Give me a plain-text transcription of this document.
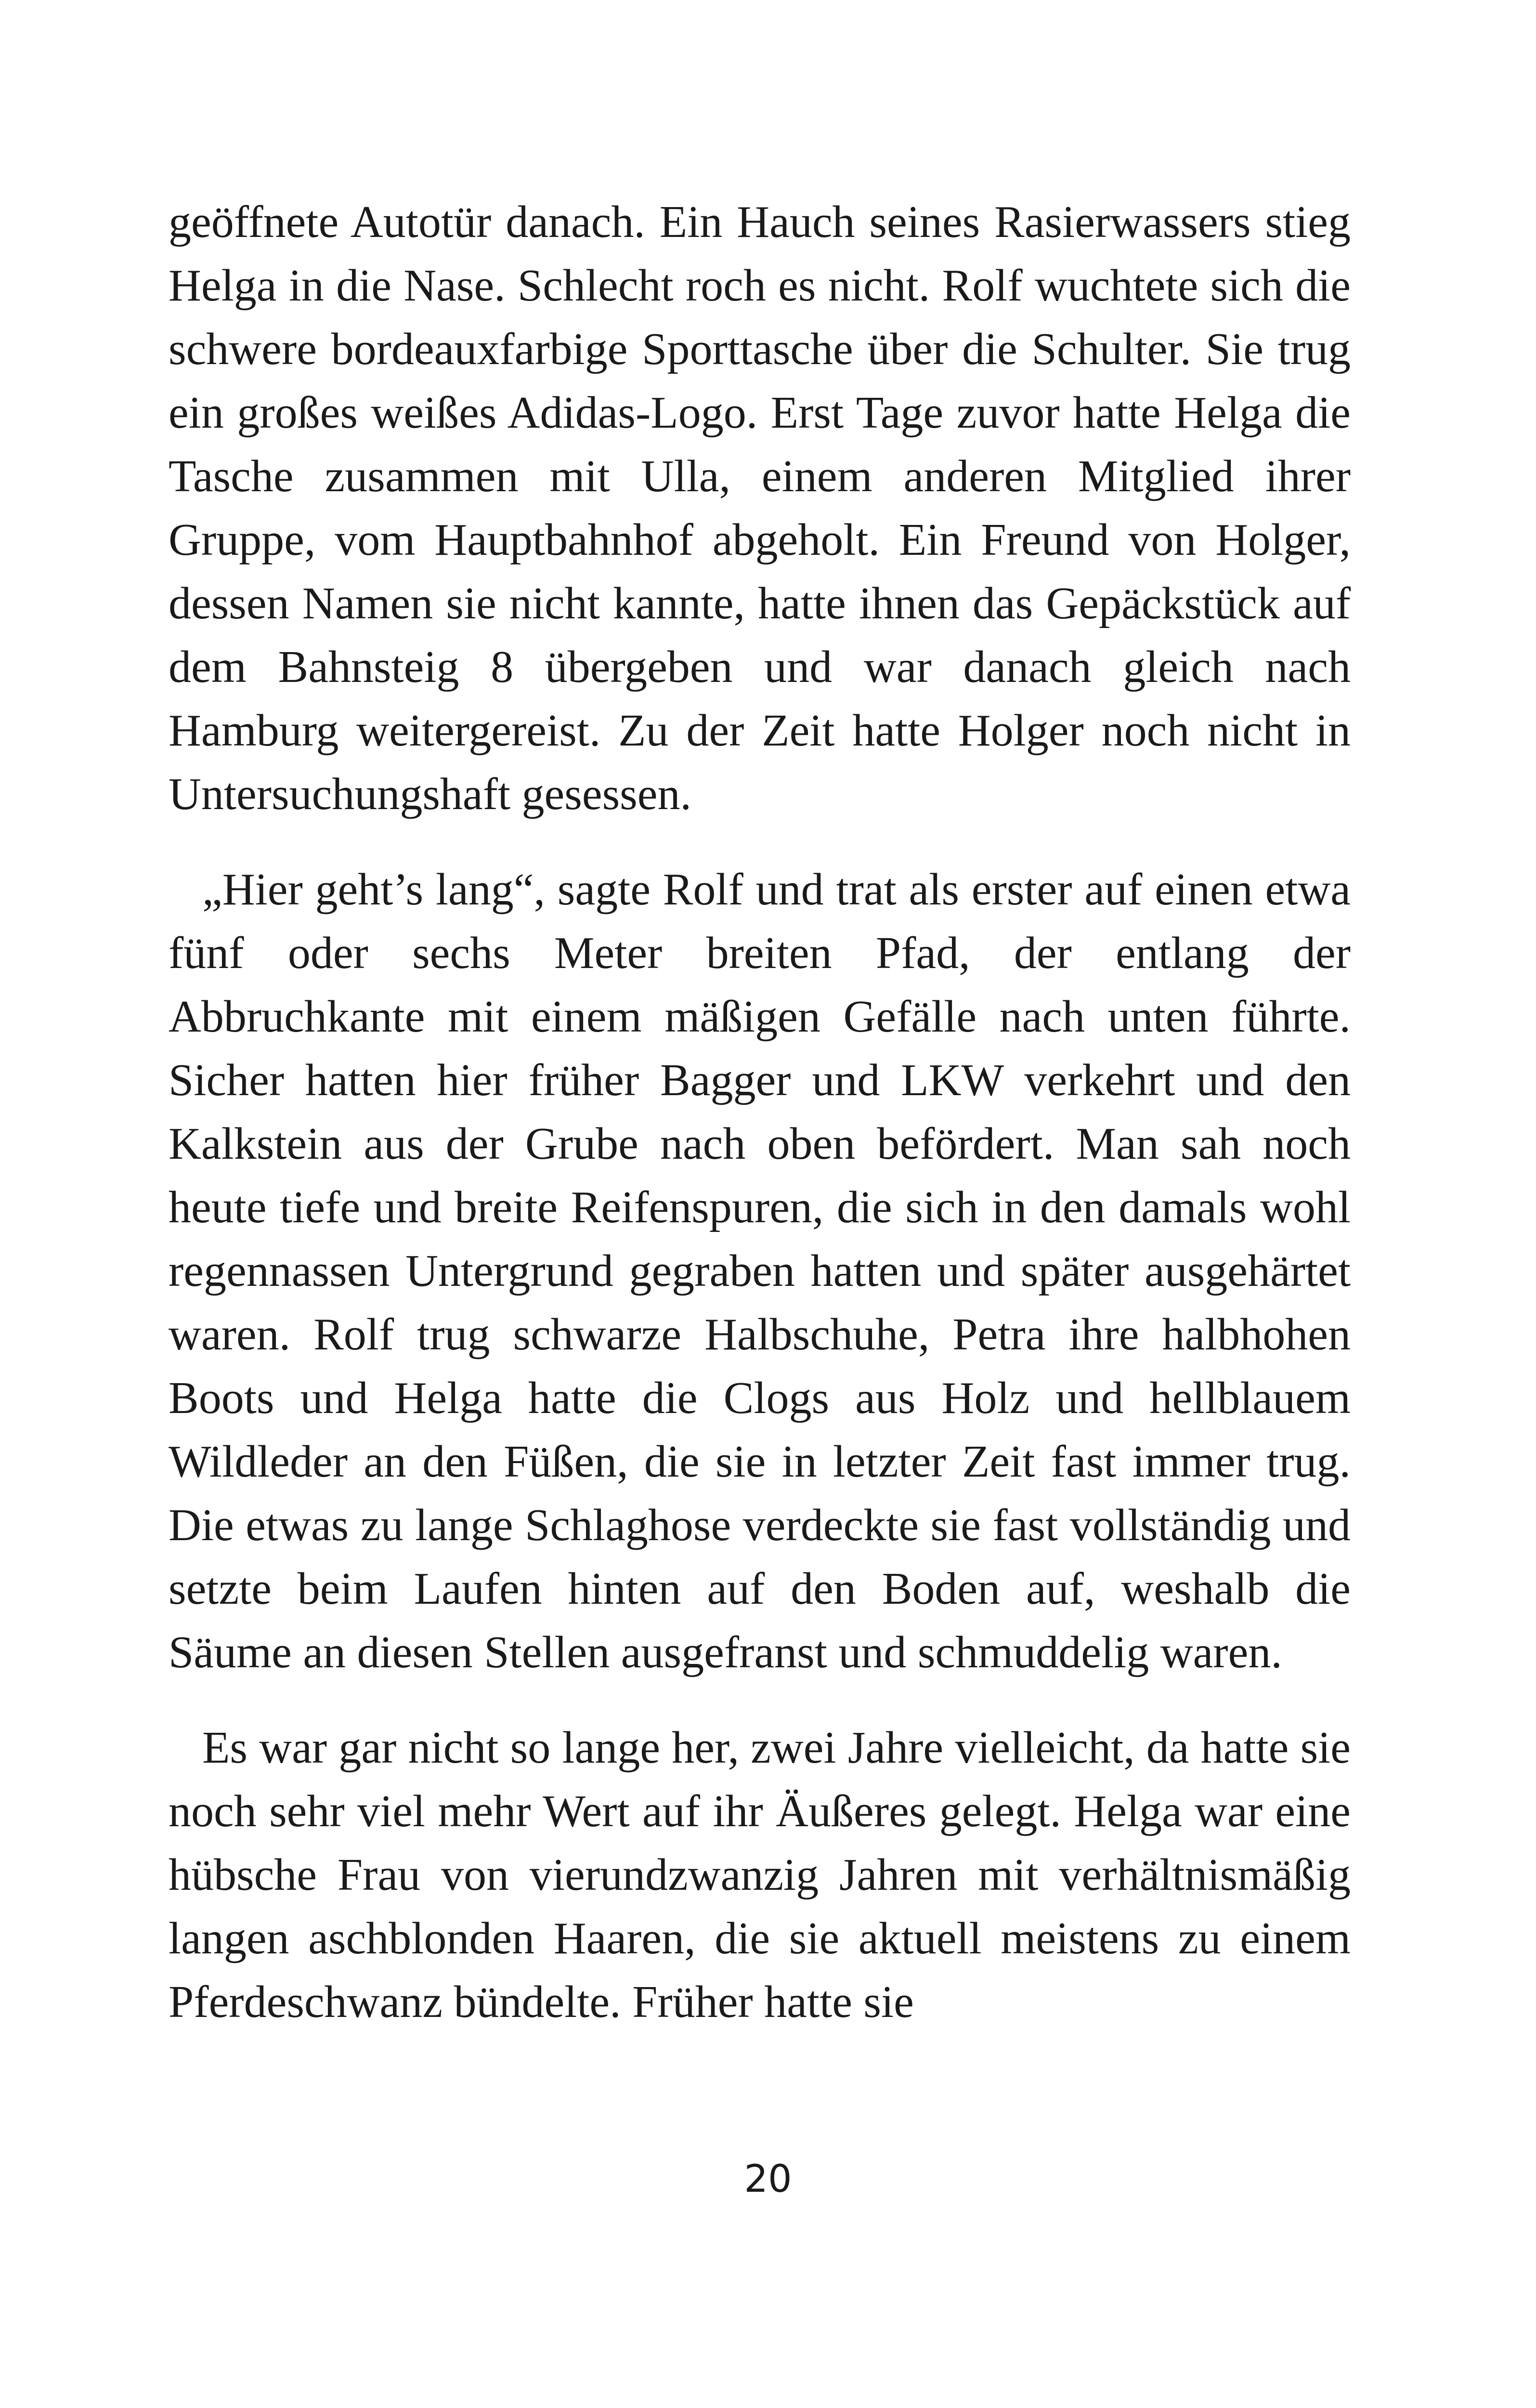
geöffnete Autotür danach. Ein Hauch seines Rasierwassers stieg Helga in die Nase. Schlecht roch es nicht. Rolf wuchtete sich die schwere bordeauxfarbige Sporttasche über die Schulter. Sie trug ein großes weißes Adidas-Logo. Erst Tage zuvor hatte Helga die Tasche zusammen mit Ulla, einem anderen Mitglied ihrer Gruppe, vom Hauptbahnhof abgeholt. Ein Freund von Holger, dessen Namen sie nicht kannte, hatte ihnen das Gepäckstück auf dem Bahnsteig 8 übergeben und war danach gleich nach Hamburg weitergereist. Zu der Zeit hatte Holger noch nicht in Untersuchungshaft gesessen.

„Hier geht’s lang“, sagte Rolf und trat als erster auf einen etwa fünf oder sechs Meter breiten Pfad, der entlang der Abbruchkante mit einem mäßigen Gefälle nach unten führte. Sicher hatten hier früher Bagger und LKW verkehrt und den Kalkstein aus der Grube nach oben befördert. Man sah noch heute tiefe und breite Reifenspuren, die sich in den damals wohl regennassen Untergrund gegraben hatten und später ausgehärtet waren. Rolf trug schwarze Halbschuhe, Petra ihre halbhohen Boots und Helga hatte die Clogs aus Holz und hellblauem Wildleder an den Füßen, die sie in letzter Zeit fast immer trug. Die etwas zu lange Schlaghose verdeckte sie fast vollständig und setzte beim Laufen hinten auf den Boden auf, weshalb die Säume an diesen Stellen ausgefranst und schmuddelig waren.

Es war gar nicht so lange her, zwei Jahre vielleicht, da hatte sie noch sehr viel mehr Wert auf ihr Äußeres gelegt. Helga war eine hübsche Frau von vierundzwanzig Jahren mit verhältnismäßig langen aschblonden Haaren, die sie aktuell meistens zu einem Pferdeschwanz bündelte. Früher hatte sie

20
